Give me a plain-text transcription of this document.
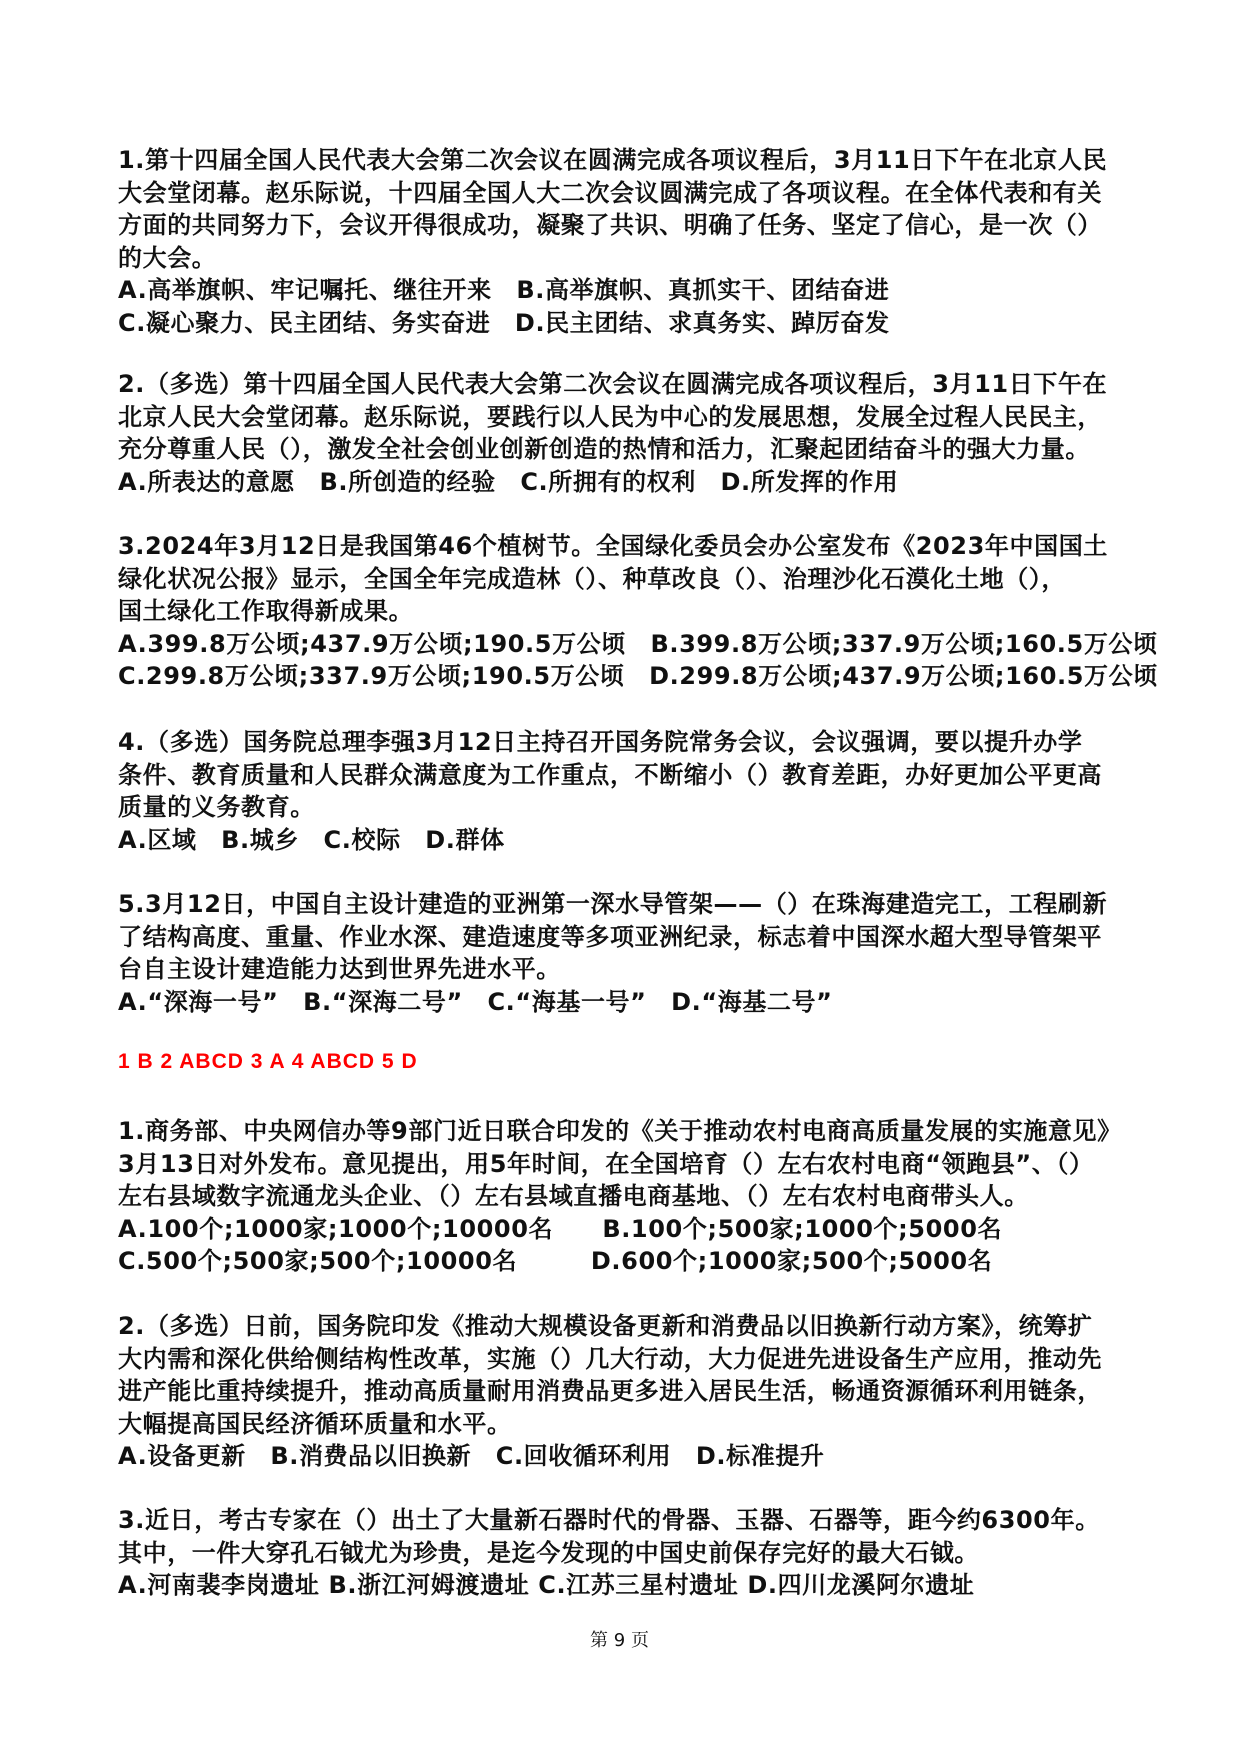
1.第十四届全国人民代表大会第二次会议在圆满完成各项议程后，3月11日下午在北京人民
大会堂闭幕。赵乐际说，十四届全国人大二次会议圆满完成了各项议程。在全体代表和有关
方面的共同努力下，会议开得很成功，凝聚了共识、明确了任务、坚定了信心，是一次（）
的大会。
A.高举旗帜、牢记嘱托、继往开来　B.高举旗帜、真抓实干、团结奋进
C.凝心聚力、民主团结、务实奋进　D.民主团结、求真务实、踔厉奋发
2.（多选）第十四届全国人民代表大会第二次会议在圆满完成各项议程后，3月11日下午在
北京人民大会堂闭幕。赵乐际说，要践行以人民为中心的发展思想，发展全过程人民民主，
充分尊重人民（），激发全社会创业创新创造的热情和活力，汇聚起团结奋斗的强大力量。
A.所表达的意愿　B.所创造的经验　C.所拥有的权利　D.所发挥的作用
3.2024年3月12日是我国第46个植树节。全国绿化委员会办公室发布《2023年中国国土
绿化状况公报》显示，全国全年完成造林（）、种草改良（）、治理沙化石漠化土地（），
国土绿化工作取得新成果。
A.399.8万公顷;437.9万公顷;190.5万公顷　B.399.8万公顷;337.9万公顷;160.5万公顷
C.299.8万公顷;337.9万公顷;190.5万公顷　D.299.8万公顷;437.9万公顷;160.5万公顷
4.（多选）国务院总理李强3月12日主持召开国务院常务会议，会议强调，要以提升办学
条件、教育质量和人民群众满意度为工作重点，不断缩小（）教育差距，办好更加公平更高
质量的义务教育。
A.区域　B.城乡　C.校际　D.群体
5.3月12日，中国自主设计建造的亚洲第一深水导管架——（）在珠海建造完工，工程刷新
了结构高度、重量、作业水深、建造速度等多项亚洲纪录，标志着中国深水超大型导管架平
台自主设计建造能力达到世界先进水平。
A.“深海一号”　B.“深海二号”　C.“海基一号”　D.“海基二号”
1.商务部、中央网信办等9部门近日联合印发的《关于推动农村电商高质量发展的实施意见》
3月13日对外发布。意见提出，用5年时间，在全国培育（）左右农村电商“领跑县”、（）
左右县域数字流通龙头企业、（）左右县域直播电商基地、（）左右农村电商带头人。
A.100个;1000家;1000个;10000名　　B.100个;500家;1000个;5000名
C.500个;500家;500个;10000名　　　D.600个;1000家;500个;5000名
2.（多选）日前，国务院印发《推动大规模设备更新和消费品以旧换新行动方案》，统筹扩
大内需和深化供给侧结构性改革，实施（）几大行动，大力促进先进设备生产应用，推动先
进产能比重持续提升，推动高质量耐用消费品更多进入居民生活，畅通资源循环利用链条，
大幅提高国民经济循环质量和水平。
A.设备更新　B.消费品以旧换新　C.回收循环利用　D.标准提升
3.近日，考古专家在（）出土了大量新石器时代的骨器、玉器、石器等，距今约6300年。
其中，一件大穿孔石钺尤为珍贵，是迄今发现的中国史前保存完好的最大石钺。
A.河南裴李岗遗址 B.浙江河姆渡遗址 C.江苏三星村遗址 D.四川龙溪阿尔遗址
1 B 2 ABCD 3 A 4 ABCD 5 D
第 9 页
